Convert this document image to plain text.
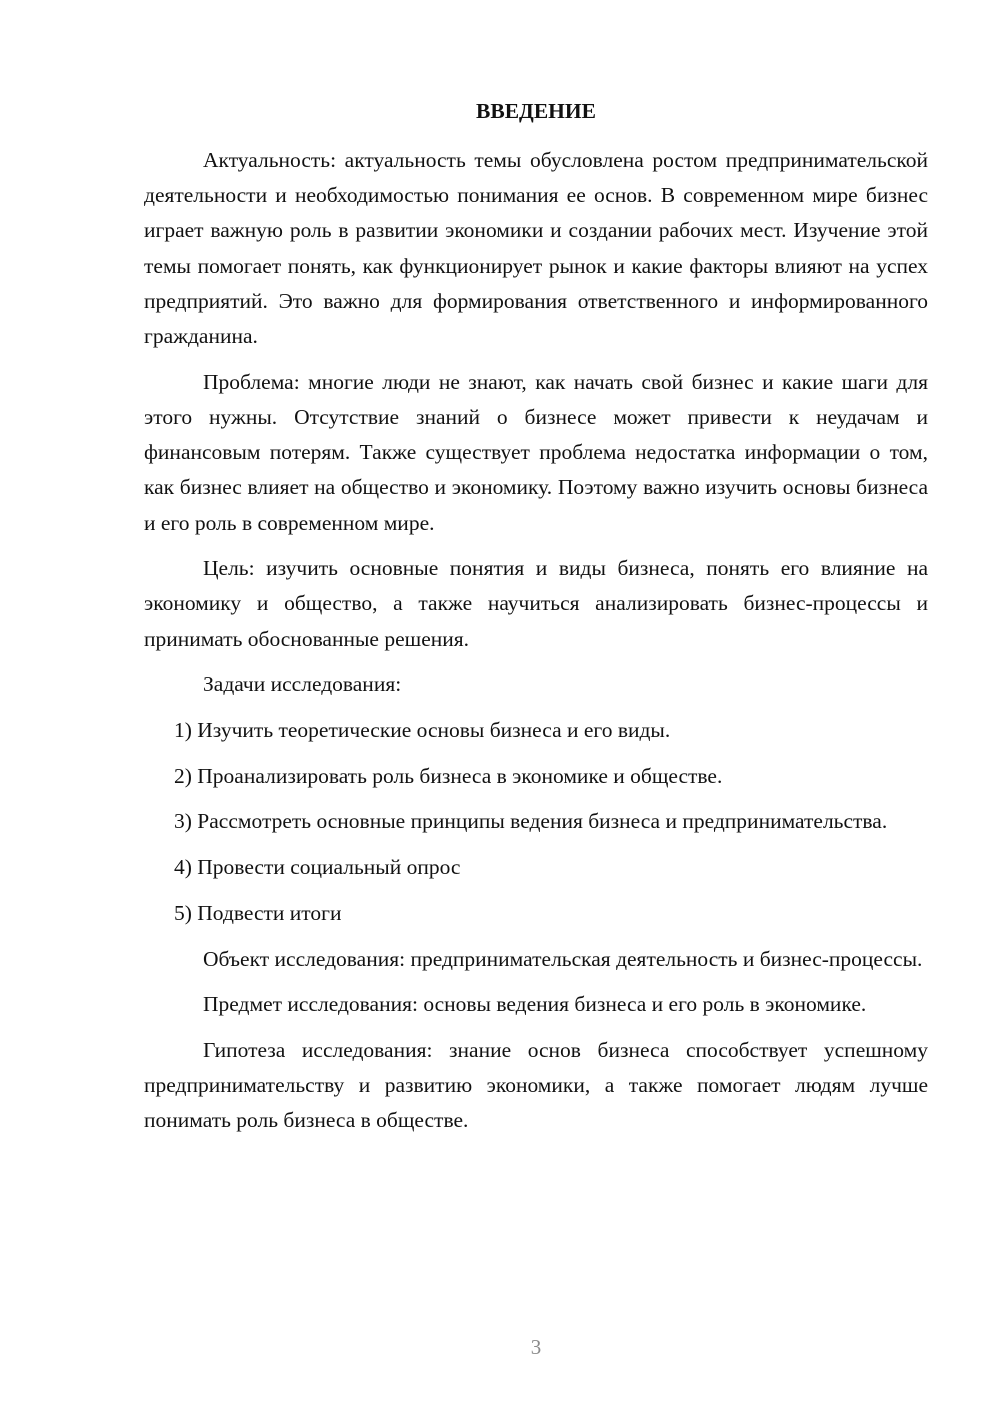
ВВЕДЕНИЕ

Актуальность: актуальность темы обусловлена ростом предпринимательской деятельности и необходимостью понимания ее основ. В современном мире бизнес играет важную роль в развитии экономики и создании рабочих мест. Изучение этой темы помогает понять, как функционирует рынок и какие факторы влияют на успех предприятий. Это важно для формирования ответственного и информированного гражданина.

Проблема: многие люди не знают, как начать свой бизнес и какие шаги для этого нужны. Отсутствие знаний о бизнесе может привести к неудачам и финансовым потерям. Также существует проблема недостатка информации о том, как бизнес влияет на общество и экономику. Поэтому важно изучить основы бизнеса и его роль в современном мире.

Цель: изучить основные понятия и виды бизнеса, понять его влияние на экономику и общество, а также научиться анализировать бизнес-процессы и принимать обоснованные решения.

Задачи исследования:

1) Изучить теоретические основы бизнеса и его виды.

2) Проанализировать роль бизнеса в экономике и обществе.

3) Рассмотреть основные принципы ведения бизнеса и предпринимательства.

4) Провести социальный опрос

5) Подвести итоги

Объект исследования: предпринимательская деятельность и бизнес-процессы.

Предмет исследования: основы ведения бизнеса и его роль в экономике.

Гипотеза исследования: знание основ бизнеса способствует успешному предпринимательству и развитию экономики, а также помогает людям лучше понимать роль бизнеса в обществе.

3
